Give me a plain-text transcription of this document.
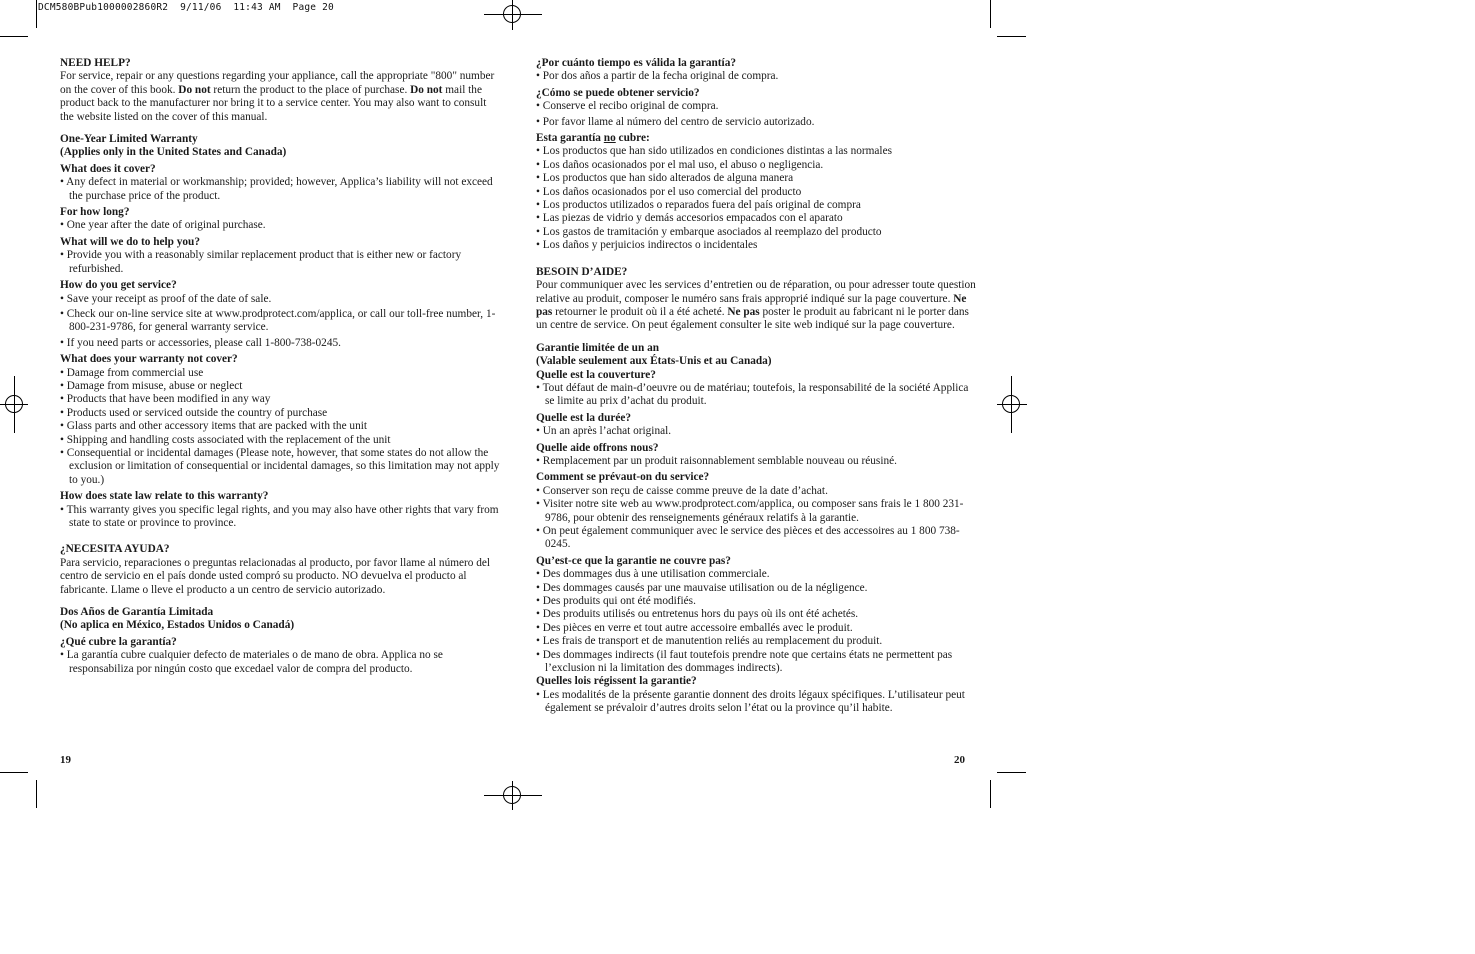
DCM580BPub1000002860R2  9/11/06  11:43 AM  Page 20

NEED HELP?

For service, repair or any questions regarding your appliance, call the appropriate "800" number on the cover of this book. Do not return the product to the place of purchase. Do not mail the product back to the manufacturer nor bring it to a service center. You may also want to consult the website listed on the cover of this manual.

One-Year Limited Warranty

(Applies only in the United States and Canada)

What does it cover?

• Any defect in material or workmanship; provided; however, Applica’s liability will not exceed the purchase price of the product.

For how long?

• One year after the date of original purchase.

What will we do to help you?

• Provide you with a reasonably similar replacement product that is either new or factory refurbished.

How do you get service?

• Save your receipt as proof of the date of sale.

• Check our on-line service site at www.prodprotect.com/applica, or call our toll-free number, 1-800-231-9786, for general warranty service.

• If you need parts or accessories, please call 1-800-738-0245.

What does your warranty not cover?

• Damage from commercial use

• Damage from misuse, abuse or neglect

• Products that have been modified in any way

• Products used or serviced outside the country of purchase

• Glass parts and other accessory items that are packed with the unit

• Shipping and handling costs associated with the replacement of the unit

• Consequential or incidental damages (Please note, however, that some states do not allow the exclusion or limitation of consequential or incidental damages, so this limitation may not apply to you.)

How does state law relate to this warranty?

• This warranty gives you specific legal rights, and you may also have other rights that vary from state to state or province to province.

¿NECESITA AYUDA?

Para servicio, reparaciones o preguntas relacionadas al producto, por favor llame al número del centro de servicio en el país donde usted compró su producto. NO devuelva el producto al fabricante. Llame o lleve el producto a un centro de servicio autorizado.

Dos Años de Garantía Limitada

(No aplica en México, Estados Unidos o Canadá)

¿Qué cubre la garantía?

• La garantía cubre cualquier defecto de materiales o de mano de obra. Applica no se responsabiliza por ningún costo que excedael valor de compra del producto.

¿Por cuánto tiempo es válida la garantía?

• Por dos años a partir de la fecha original de compra.

¿Cómo se puede obtener servicio?

• Conserve el recibo original de compra.

• Por favor llame al número del centro de servicio autorizado.

Esta garantía no cubre:

• Los productos que han sido utilizados en condiciones distintas a las normales

• Los daños ocasionados por el mal uso, el abuso o negligencia.

• Los productos que han sido alterados de alguna manera

• Los daños ocasionados por el uso comercial del producto

• Los productos utilizados o reparados fuera del país original de compra

• Las piezas de vidrio y demás accesorios empacados con el aparato

• Los gastos de tramitación y embarque asociados al reemplazo del producto

• Los daños y perjuicios indirectos o incidentales

BESOIN D’AIDE?

Pour communiquer avec les services d’entretien ou de réparation, ou pour adresser toute question relative au produit, composer le numéro sans frais approprié indiqué sur la page couverture. Ne pas retourner le produit où il a été acheté. Ne pas poster le produit au fabricant ni le porter dans un centre de service. On peut également consulter le site web indiqué sur la page couverture.

Garantie limitée de un an

(Valable seulement aux États-Unis et au Canada)

Quelle est la couverture?

• Tout défaut de main-d’oeuvre ou de matériau; toutefois, la responsabilité de la société Applica se limite au prix d’achat du produit.

Quelle est la durée?

• Un an après l’achat original.

Quelle aide offrons nous?

• Remplacement par un produit raisonnablement semblable nouveau ou réusiné.

Comment se prévaut-on du service?

• Conserver son reçu de caisse comme preuve de la date d’achat.

• Visiter notre site web au www.prodprotect.com/applica, ou composer sans frais le 1 800 231-9786, pour obtenir des renseignements généraux relatifs à la garantie.

• On peut également communiquer avec le service des pièces et des accessoires au 1 800 738-0245.

Qu’est-ce que la garantie ne couvre pas?

• Des dommages dus à une utilisation commerciale.

• Des dommages causés par une mauvaise utilisation ou de la négligence.

• Des produits qui ont été modifiés.

• Des produits utilisés ou entretenus hors du pays où ils ont été achetés.

• Des pièces en verre et tout autre accessoire emballés avec le produit.

• Les frais de transport et de manutention reliés au remplacement du produit.

• Des dommages indirects (il faut toutefois prendre note que certains états ne permettent pas l’exclusion ni la limitation des dommages indirects).

Quelles lois régissent la garantie?

• Les modalités de la présente garantie donnent des droits légaux spécifiques. L’utilisateur peut également se prévaloir d’autres droits selon l’état ou la province qu’il habite.

19	20
